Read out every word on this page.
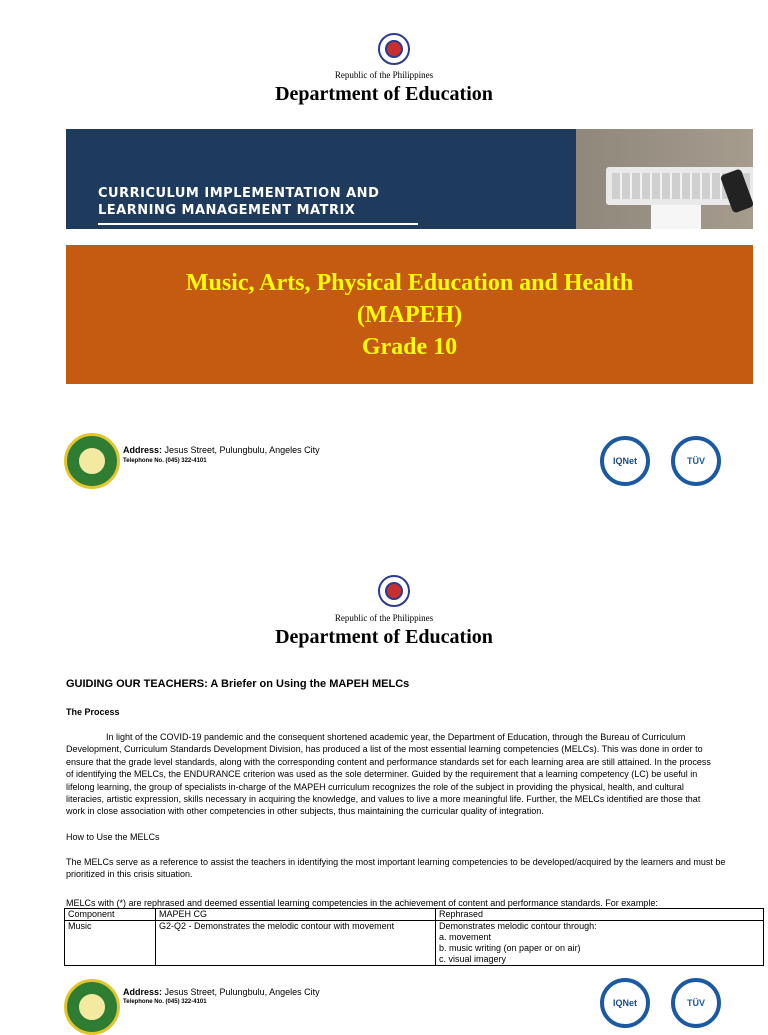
Republic of the Philippines
Department of Education
CURRICULUM IMPLEMENTATION AND
LEARNING MANAGEMENT MATRIX
Music, Arts, Physical Education and Health
(MAPEH)
Grade 10
Address: Jesus Street, Pulungbulu, Angeles City
Telephone No. (045) 322-4101	IQNet	TÜV
Republic of the Philippines
Department of Education
GUIDING OUR TEACHERS: A Briefer on Using the MAPEH MELCs
The Process
In light of the COVID-19 pandemic and the consequent shortened academic year, the Department of Education, through the Bureau of Curriculum Development, Curriculum Standards Development Division, has produced a list of the most essential learning competencies (MELCs). This was done in order to ensure that the grade level standards, along with the corresponding content and performance standards set for each learning area are still attained. In the process of identifying the MELCs, the ENDURANCE criterion was used as the sole determiner. Guided by the requirement that a learning competency (LC) be useful in lifelong learning, the group of specialists in-charge of the MAPEH curriculum recognizes the role of the subject in providing the physical, health, and cultural literacies, artistic expression, skills necessary in acquiring the knowledge, and values to live a more meaningful life. Further, the MELCs identified are those that work in close association with other competencies in other subjects, thus maintaining the curricular quality of integration.
How to Use the MELCs
The MELCs serve as a reference to assist the teachers in identifying the most important learning competencies to be developed/acquired by the learners and must be prioritized in this crisis situation.
MELCs with (*) are rephrased and deemed essential learning competencies in the achievement of content and performance standards. For example:
Component	MAPEH CG	Rephrased
Music	G2-Q2 - Demonstrates the melodic contour with movement	Demonstrates melodic contour through:
a. movement
b. music writing (on paper or on air)
c. visual imagery
Address: Jesus Street, Pulungbulu, Angeles City
Telephone No. (045) 322-4101	IQNet	TÜV
